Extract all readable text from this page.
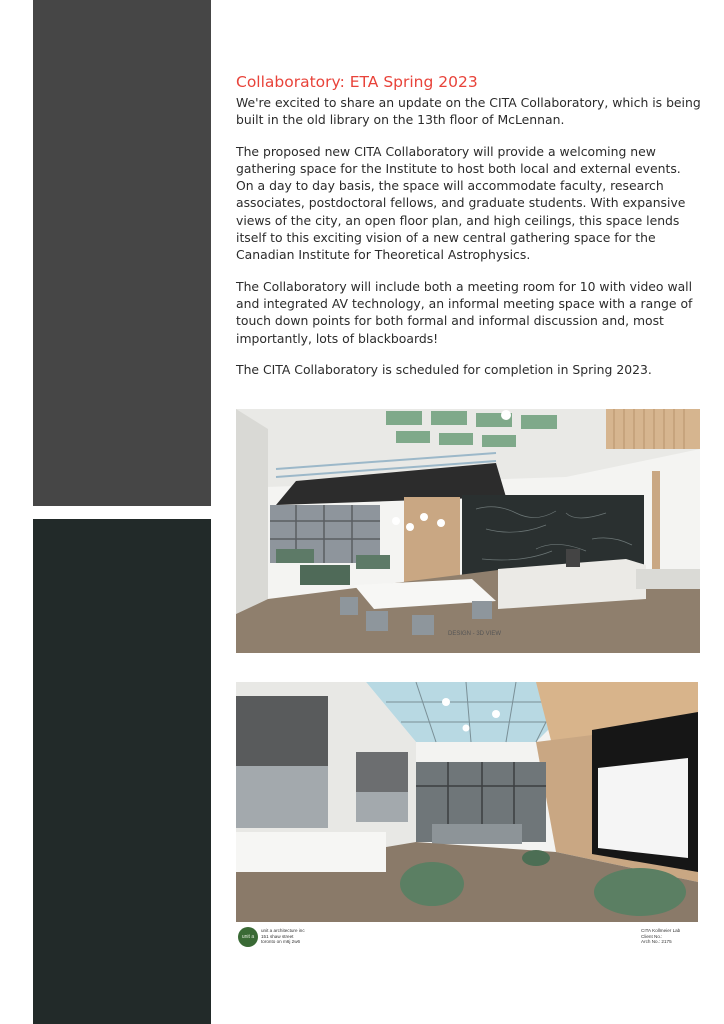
Collaboratory: ETA Spring 2023

We're excited to share an update on the CITA Collaboratory, which is being built in the old library on the 13th floor of McLennan.

The proposed new CITA Collaboratory will provide a welcoming new gathering space for the Institute to host both local and external events. On a day to day basis, the space will accommodate faculty, research associates, postdoctoral fellows, and graduate students. With expansive views of the city, an open floor plan, and high ceilings, this space lends itself to this exciting vision of a new central gathering space for the Canadian Institute for Theoretical Astrophysics.

The Collaboratory will include both a meeting room for 10 with video wall and integrated AV technology, an informal meeting space with a range of touch down points for both formal and informal discussion and, most importantly, lots of blackboards!

The CITA Collaboratory is scheduled for completion in Spring 2023.

DESIGN - 3D VIEW
unit a
unit a architecture inc
151 shaw street
toronto on m6j 2w6
CITA Kollmeier Lab
Client No.:
Arch No.: 2175
